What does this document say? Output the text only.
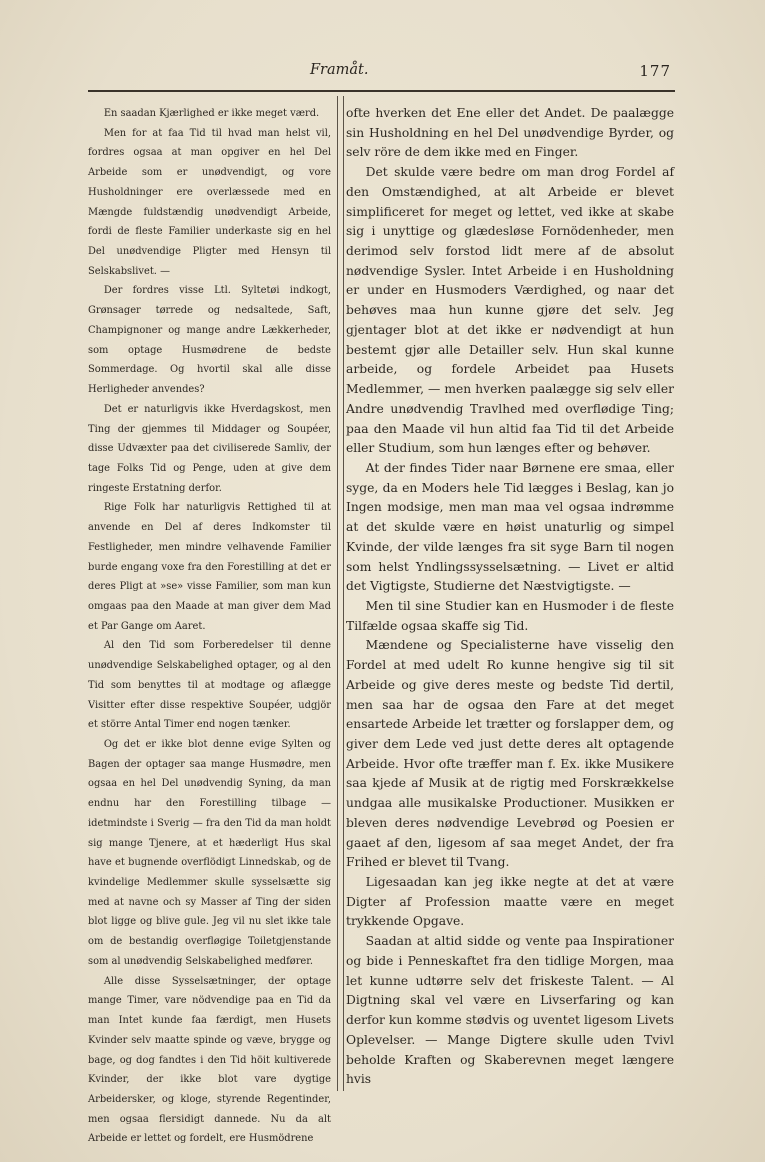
Framåt.	177

En saadan Kjærlighed er ikke meget værd.

Men for at faa Tid til hvad man helst vil, fordres ogsaa at man opgiver en hel Del Arbeide som er unødvendigt, og vore Husholdninger ere overlæssede med en Mængde fuldstændig unødvendigt Arbeide, fordi de fleste Familier underkaste sig en hel Del unødvendige Pligter med Hensyn til Selskabslivet. —

Der fordres visse Ltl. Syltetøi indkogt, Grønsager tørrede og nedsaltede, Saft, Champignoner og mange andre Lækkerheder, som optage Husmødrene de bedste Sommerdage. Og hvortil skal alle disse Herligheder anvendes?

Det er naturligvis ikke Hverdagskost, men Ting der gjemmes til Middager og Soupéer, disse Udvæxter paa det civiliserede Samliv, der tage Folks Tid og Penge, uden at give dem ringeste Erstatning derfor.

Rige Folk har naturligvis Rettighed til at anvende en Del af deres Indkomster til Festligheder, men mindre velhavende Familier burde engang voxe fra den Forestilling at det er deres Pligt at »se» visse Familier, som man kun omgaas paa den Maade at man giver dem Mad et Par Gange om Aaret.

Al den Tid som Forberedelser til denne unødvendige Selskabelighed optager, og al den Tid som benyttes til at modtage og aflægge Visitter efter disse respektive Soupéer, udgjör et större Antal Timer end nogen tænker.

Og det er ikke blot denne evige Sylten og Bagen der optager saa mange Husmødre, men ogsaa en hel Del unødvendig Syning, da man endnu har den Forestilling tilbage — idetmindste i Sverig — fra den Tid da man holdt sig mange Tjenere, at et hæderligt Hus skal have et bugnende overflödigt Linnedskab, og de kvindelige Medlemmer skulle sysselsætte sig med at navne och sy Masser af Ting der siden blot ligge og blive gule. Jeg vil nu slet ikke tale om de bestandig overfløgige Toiletgjenstande som al unødvendig Selskabelighed medfører.

Alle disse Sysselsætninger, der optage mange Timer, vare nödvendige paa en Tid da man Intet kunde faa færdigt, men Husets Kvinder selv maatte spinde og væve, brygge og bage, og dog fandtes i den Tid höit kultiverede Kvinder, der ikke blot vare dygtige Arbeidersker, og kloge, styrende Regentinder, men ogsaa flersidigt dannede. Nu da alt Arbeide er lettet og fordelt, ere Husmödrene

ofte hverken det Ene eller det Andet. De paalægge sin Husholdning en hel Del unødvendige Byrder, og selv röre de dem ikke med en Finger.

Det skulde være bedre om man drog Fordel af den Omstændighed, at alt Arbeide er blevet simplificeret for meget og lettet, ved ikke at skabe sig i unyttige og glædesløse Fornödenheder, men derimod selv forstod lidt mere af de absolut nødvendige Sysler. Intet Arbeide i en Husholdning er under en Husmoders Værdighed, og naar det behøves maa hun kunne gjøre det selv. Jeg gjentager blot at det ikke er nødvendigt at hun bestemt gjør alle Detailler selv. Hun skal kunne arbeide, og fordele Arbeidet paa Husets Medlemmer, — men hverken paalægge sig selv eller Andre unødvendig Travlhed med overflødige Ting; paa den Maade vil hun altid faa Tid til det Arbeide eller Studium, som hun længes efter og behøver.

At der findes Tider naar Børnene ere smaa, eller syge, da en Moders hele Tid lægges i Beslag, kan jo Ingen modsige, men man maa vel ogsaa indrømme at det skulde være en høist unaturlig og simpel Kvinde, der vilde længes fra sit syge Barn til nogen som helst Yndlingssysselsætning. — Livet er altid det Vigtigste, Studierne det Næstvigtigste. —

Men til sine Studier kan en Husmoder i de fleste Tilfælde ogsaa skaffe sig Tid.

Mændene og Specialisterne have visselig den Fordel at med udelt Ro kunne hengive sig til sit Arbeide og give deres meste og bedste Tid dertil, men saa har de ogsaa den Fare at det meget ensartede Arbeide let trætter og forslapper dem, og giver dem Lede ved just dette deres alt optagende Arbeide. Hvor ofte træffer man f. Ex. ikke Musikere saa kjede af Musik at de rigtig med Forskrækkelse undgaa alle musikalske Productioner. Musikken er bleven deres nødvendige Levebrød og Poesien er gaaet af den, ligesom af saa meget Andet, der fra Frihed er blevet til Tvang.

Ligesaadan kan jeg ikke negte at det at være Digter af Profession maatte være en meget trykkende Opgave.

Saadan at altid sidde og vente paa Inspirationer og bide i Penneskaftet fra den tidlige Morgen, maa let kunne udtørre selv det friskeste Talent. — Al Digtning skal vel være en Livserfaring og kan derfor kun komme stødvis og uventet ligesom Livets Oplevelser. — Mange Digtere skulle uden Tvivl beholde Kraften og Skaberevnen meget længere hvis
